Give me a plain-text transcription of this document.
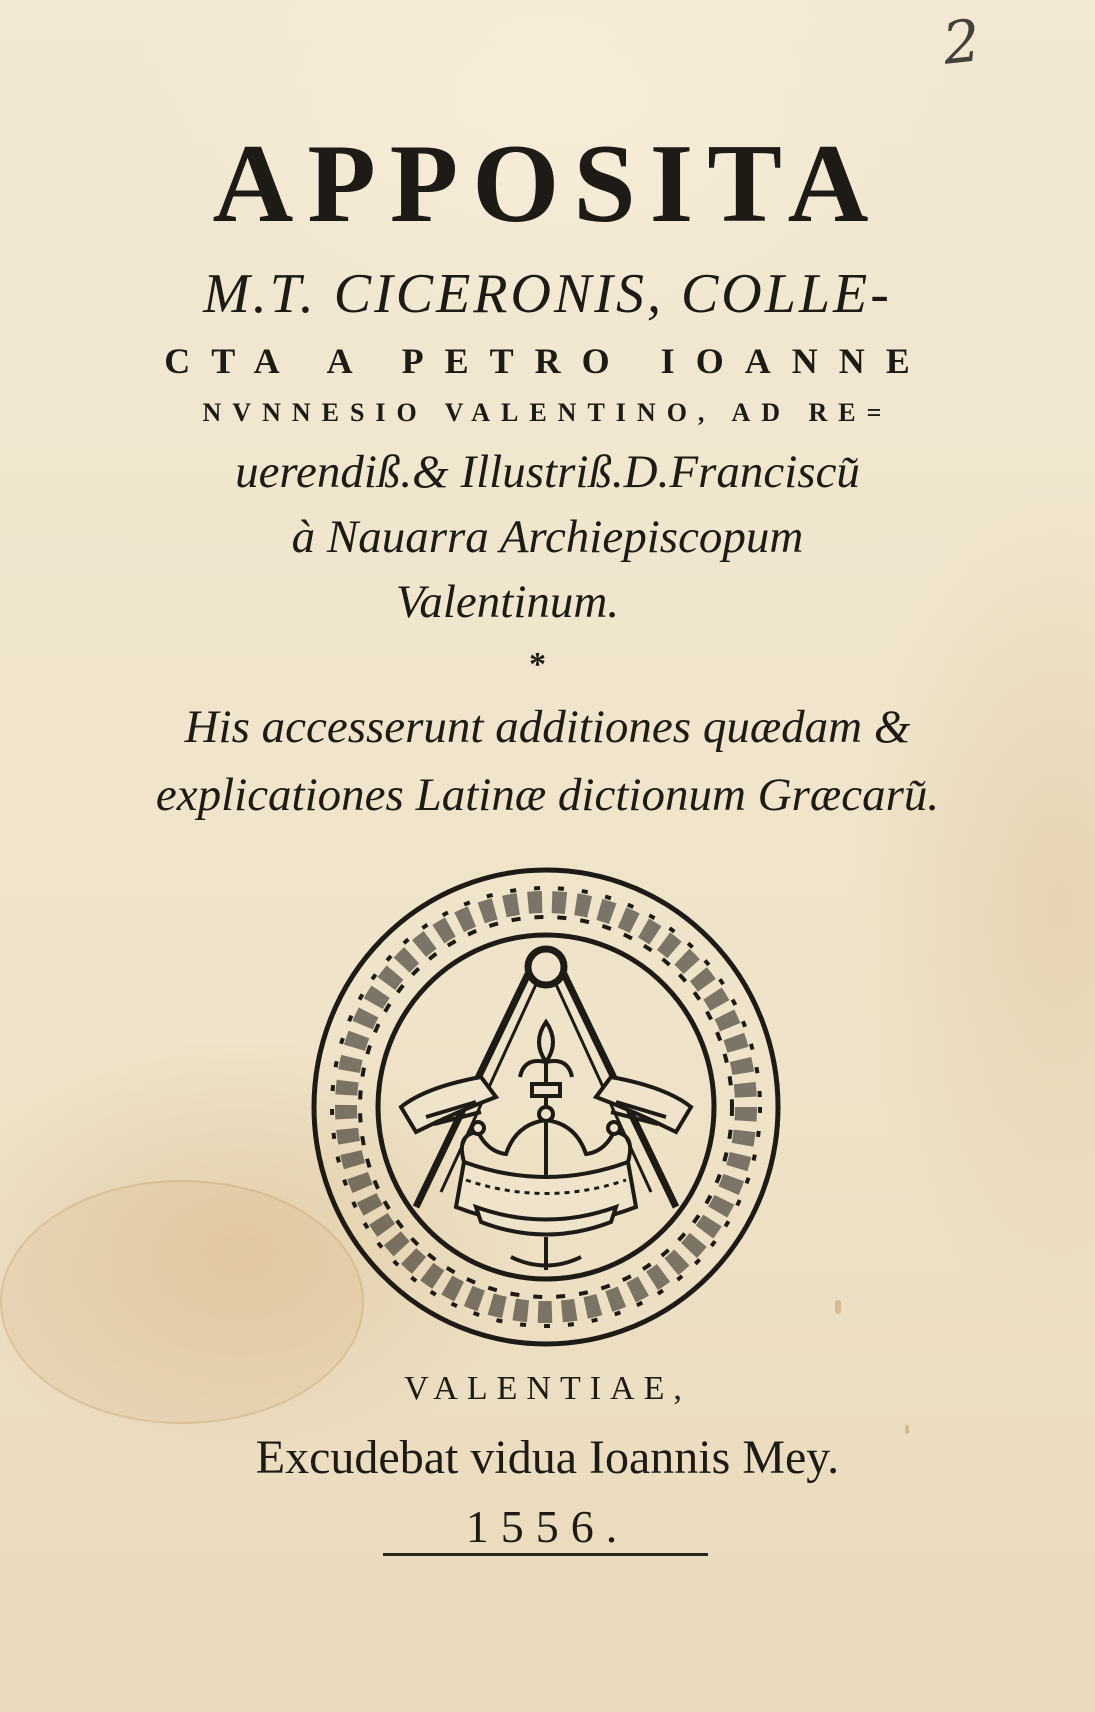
2
APPOSITA
M.T. CICERONIS, COLLE-
CTA A PETRO IOANNE
NVNNESIO VALENTINO, AD RE=
uerendiß.& Illustriß.D.Franciscu͂
à Nauarra Archiepiscopum
Valentinum.
*
His accesserunt additiones quædam &
explicationes Latinæ dictionum Græcaru͂.
VALENTIAE,
Excudebat vidua Ioannis Mey.
1556.
